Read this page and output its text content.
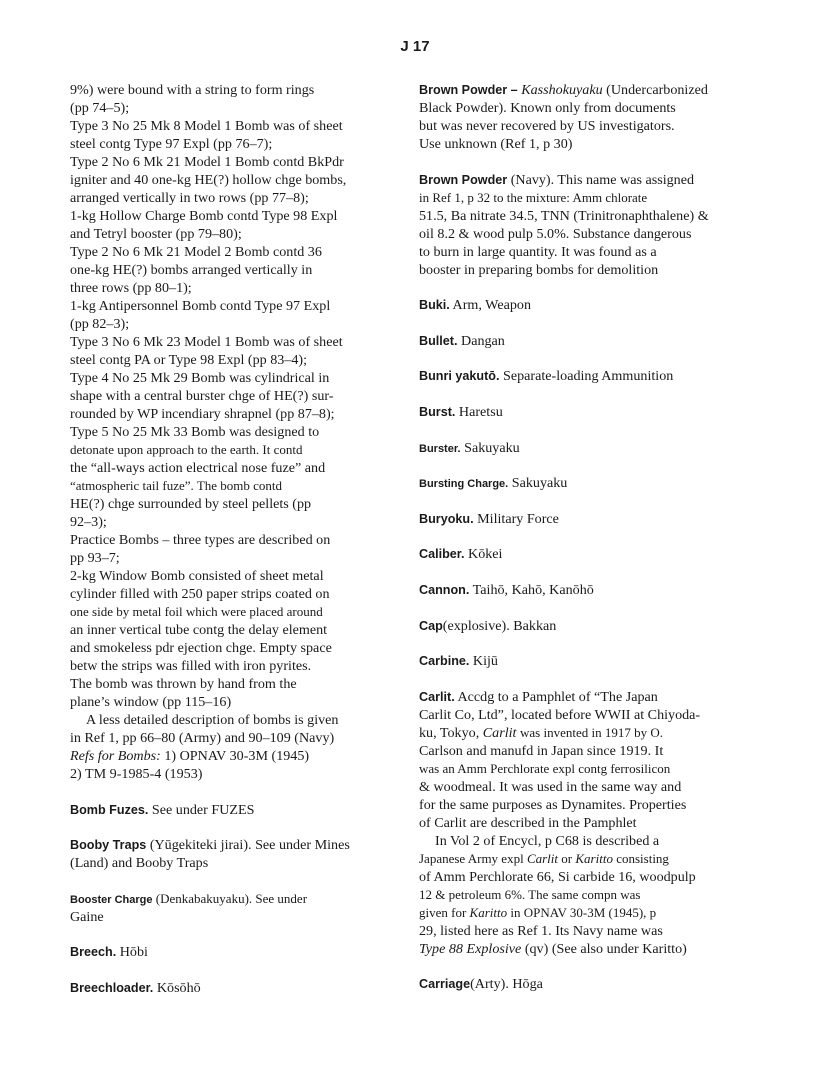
J 17
9%) were bound with a string to form rings
(pp 74–5);
Type 3 No 25 Mk 8 Model 1 Bomb was of sheet
steel contg Type 97 Expl (pp 76–7);
Type 2 No 6 Mk 21 Model 1 Bomb contd BkPdr
igniter and 40 one-kg HE(?) hollow chge bombs,
arranged vertically in two rows (pp 77–8);
1-kg Hollow Charge Bomb contd Type 98 Expl
and Tetryl booster (pp 79–80);
Type 2 No 6 Mk 21 Model 2 Bomb contd 36
one-kg HE(?) bombs arranged vertically in
three rows (pp 80–1);
1-kg Antipersonnel Bomb contd Type 97 Expl
(pp 82–3);
Type 3 No 6 Mk 23 Model 1 Bomb was of sheet
steel contg PA or Type 98 Expl (pp 83–4);
Type 4 No 25 Mk 29 Bomb was cylindrical in
shape with a central burster chge of HE(?) sur-
rounded by WP incendiary shrapnel (pp 87–8);
Type 5 No 25 Mk 33 Bomb was designed to
detonate upon approach to the earth. It contd
the “all-ways action electrical nose fuze” and
“atmospheric tail fuze”. The bomb contd
HE(?) chge surrounded by steel pellets (pp
92–3);
Practice Bombs – three types are described on
pp 93–7;
2-kg Window Bomb consisted of sheet metal
cylinder filled with 250 paper strips coated on
one side by metal foil which were placed around
an inner vertical tube contg the delay element
and smokeless pdr ejection chge. Empty space
betw the strips was filled with iron pyrites.
The bomb was thrown by hand from the
plane’s window (pp 115–16)
A less detailed description of bombs is given
in Ref 1, pp 66–80 (Army) and 90–109 (Navy)
Refs for Bombs: 1) OPNAV 30-3M (1945)
2) TM 9-1985-4 (1953)
Bomb Fuzes. See under FUZES
Booby Traps (Yūgekiteki jirai). See under Mines
(Land) and Booby Traps
Booster Charge (Denkabakuyaku). See under
Gaine
Breech. Hōbi
Breechloader. Kōsōhō
Brown Powder – Kasshokuyaku (Undercarbonized
Black Powder). Known only from documents
but was never recovered by US investigators.
Use unknown (Ref 1, p 30)
Brown Powder (Navy). This name was assigned
in Ref 1, p 32 to the mixture: Amm chlorate
51.5, Ba nitrate 34.5, TNN (Trinitronaphthalene) &
oil 8.2 & wood pulp 5.0%. Substance dangerous
to burn in large quantity. It was found as a
booster in preparing bombs for demolition
Buki. Arm, Weapon
Bullet. Dangan
Bunri yakutō. Separate-loading Ammunition
Burst. Haretsu
Burster. Sakuyaku
Bursting Charge. Sakuyaku
Buryoku. Military Force
Caliber. Kōkei
Cannon. Taihō, Kahō, Kanōhō
Cap(explosive). Bakkan
Carbine. Kijū
Carlit. Accdg to a Pamphlet of “The Japan
Carlit Co, Ltd”, located before WWII at Chiyoda-
ku, Tokyo, Carlit was invented in 1917 by O.
Carlson and manufd in Japan since 1919. It
was an Amm Perchlorate expl contg ferrosilicon
& woodmeal. It was used in the same way and
for the same purposes as Dynamites. Properties
of Carlit are described in the Pamphlet
In Vol 2 of Encycl, p C68 is described a
Japanese Army expl Carlit or Karitto consisting
of Amm Perchlorate 66, Si carbide 16, woodpulp
12 & petroleum 6%. The same compn was
given for Karitto in OPNAV 30-3M (1945), p
29, listed here as Ref 1. Its Navy name was
Type 88 Explosive (qv) (See also under Karitto)
Carriage(Arty). Hōga
